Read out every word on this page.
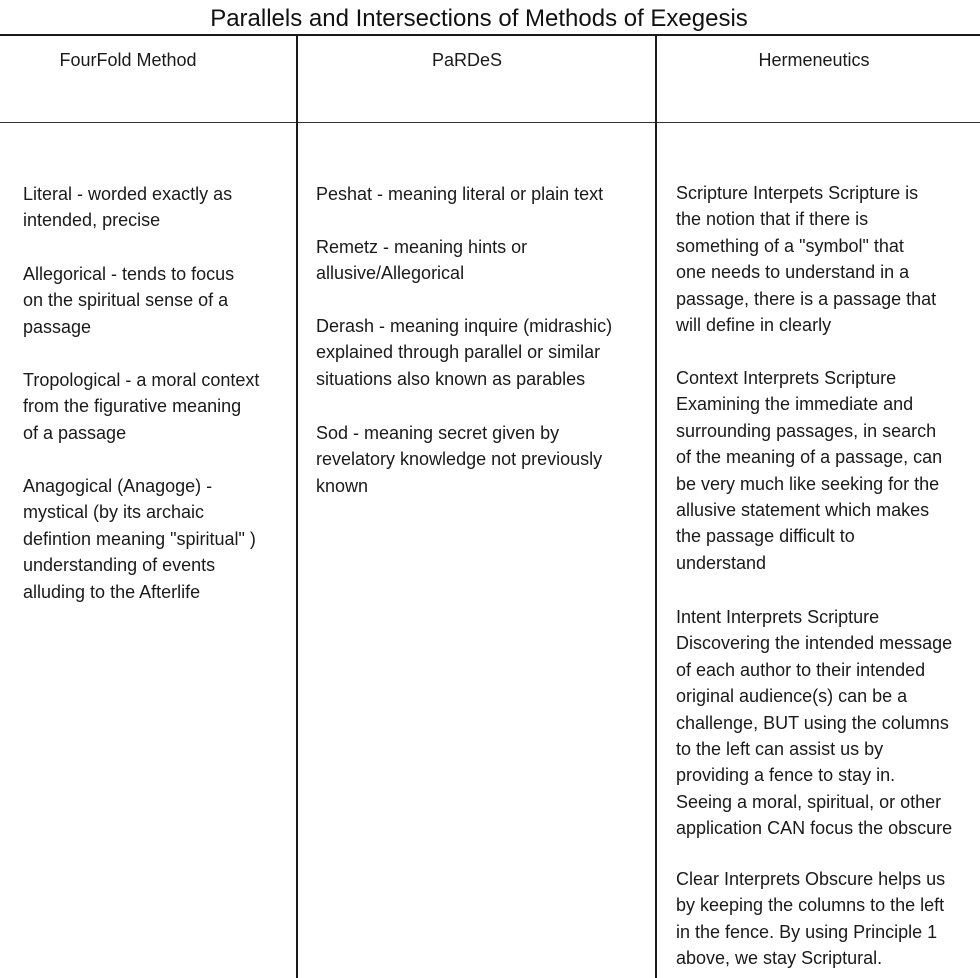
Parallels and Intersections of Methods of Exegesis
FourFold Method	PaRDeS	Hermeneutics
Literal - worded exactly as
intended, precise
Allegorical - tends to focus
on the spiritual sense of a
passage
Tropological - a moral context
from the figurative meaning
of a passage
Anagogical (Anagoge) -
mystical (by its archaic
defintion meaning "spiritual" )
understanding of events
alluding to the Afterlife
Peshat - meaning literal or plain text
Remetz - meaning hints or
allusive/Allegorical
Derash - meaning inquire (midrashic)
explained through parallel or similar
situations also known as parables
Sod - meaning secret given by
revelatory knowledge not previously
known
Scripture Interpets Scripture is
the notion that if there is
something of a "symbol" that
one needs to understand in a
passage, there is a passage that
will define in clearly
Context Interprets Scripture
Examining the immediate and
surrounding passages, in search
of the meaning of a passage, can
be very much like seeking for the
allusive statement which makes
the passage difficult to
understand
Intent Interprets Scripture
Discovering the intended message
of each author to their intended
original audience(s) can be a
challenge, BUT using the columns
to the left can assist us by
providing a fence to stay in.
Seeing a moral, spiritual, or other
application CAN focus the obscure
Clear Interprets Obscure helps us
by keeping the columns to the left
in the fence. By using Principle 1
above, we stay Scriptural.
